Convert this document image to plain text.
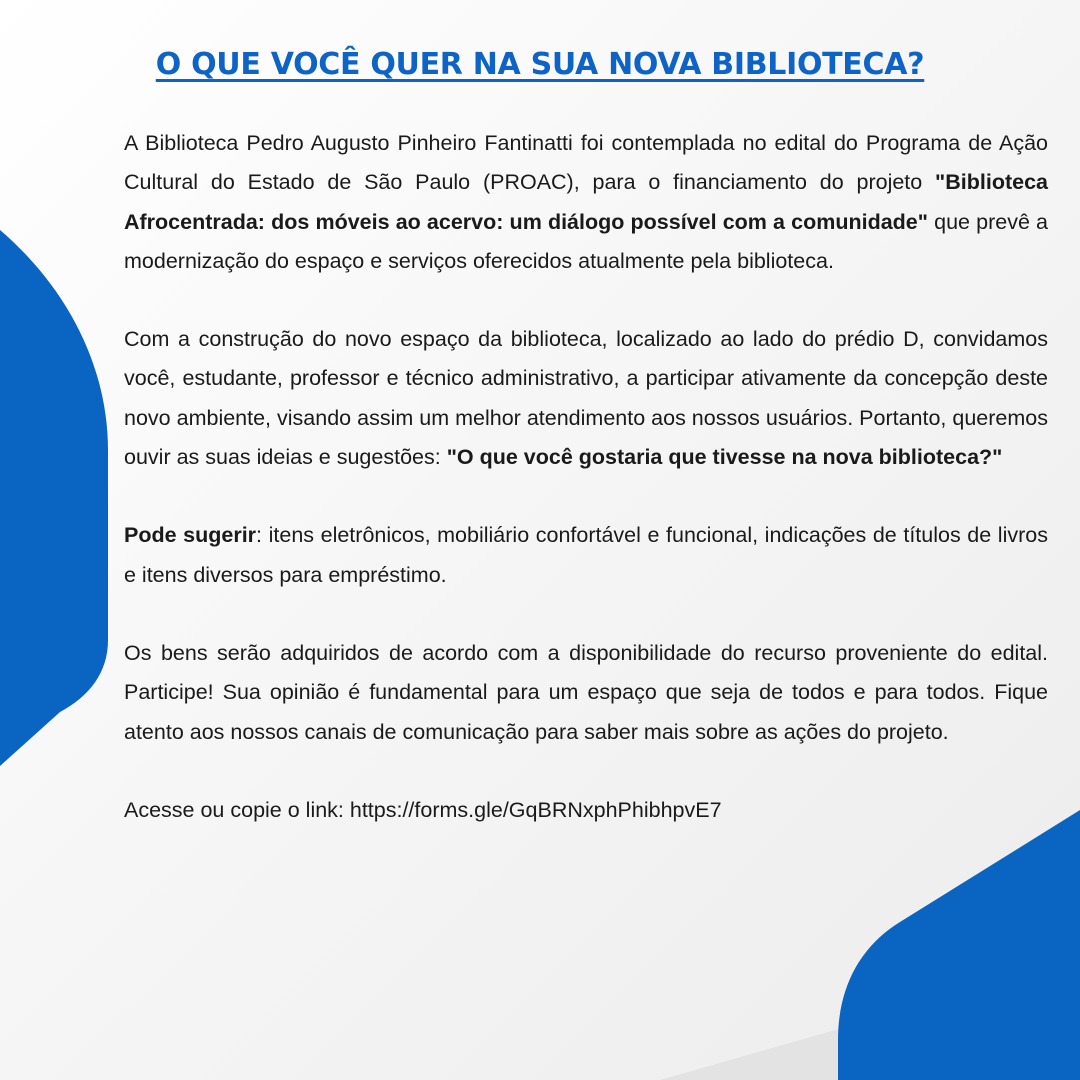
O QUE VOCÊ QUER NA SUA NOVA BIBLIOTECA?

A Biblioteca Pedro Augusto Pinheiro Fantinatti foi contemplada no edital do Programa de Ação Cultural do Estado de São Paulo (PROAC), para o financiamento do projeto "Biblioteca Afrocentrada: dos móveis ao acervo: um diálogo possível com a comunidade" que prevê a modernização do espaço e serviços oferecidos atualmente pela biblioteca.

Com a construção do novo espaço da biblioteca, localizado ao lado do prédio D, convidamos você, estudante, professor e técnico administrativo, a participar ativamente da concepção deste novo ambiente, visando assim um melhor atendimento aos nossos usuários. Portanto, queremos ouvir as suas ideias e sugestões: "O que você gostaria que tivesse na nova biblioteca?"

Pode sugerir: itens eletrônicos, mobiliário confortável e funcional, indicações de títulos de livros e itens diversos para empréstimo.

Os bens serão adquiridos de acordo com a disponibilidade do recurso proveniente do edital. Participe! Sua opinião é fundamental para um espaço que seja de todos e para todos. Fique atento aos nossos canais de comunicação para saber mais sobre as ações do projeto.

Acesse ou copie o link: https://forms.gle/GqBRNxphPhibhpvE7
